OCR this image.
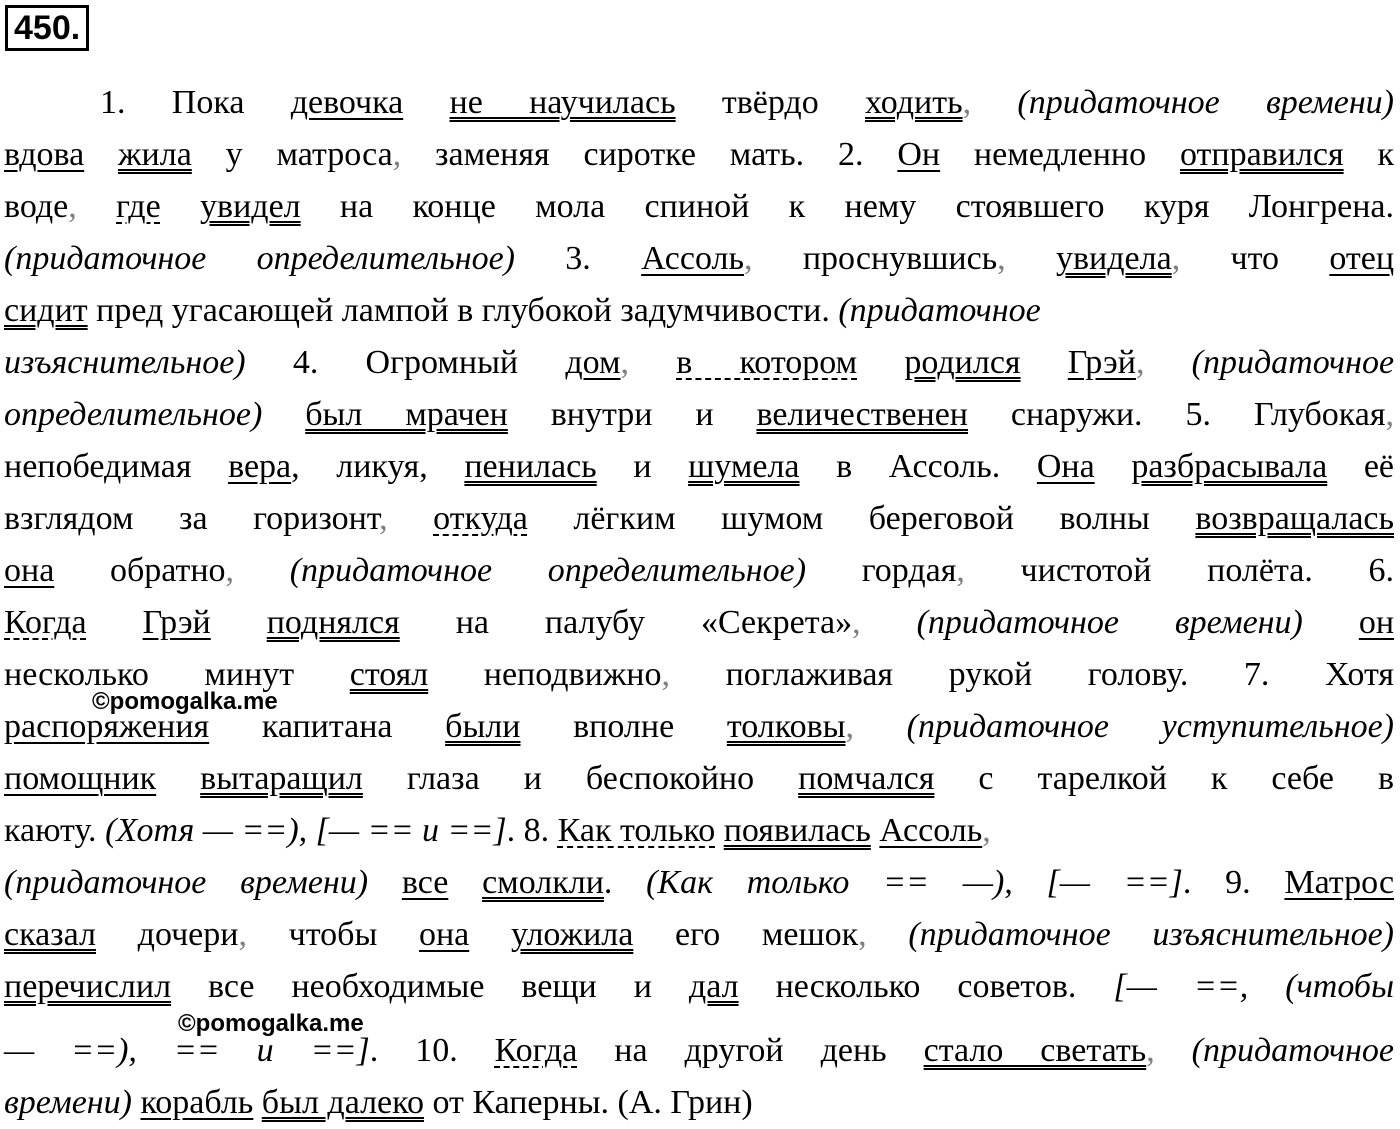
450.
1. Пока девочка не научилась твёрдо ходить, (придаточное времени)
вдова жила у матроса, заменяя сиротке мать. 2. Он немедленно отправился к
воде, где увидел на конце мола спиной к нему стоявшего куря Лонгрена.
(придаточное определительное) 3. Ассоль, проснувшись, увидела, что отец
сидит пред угасающей лампой в глубокой задумчивости. (придаточное
изъяснительное) 4. Огромный дом, в котором родился Грэй, (придаточное
определительное) был мрачен внутри и величественен снаружи. 5. Глубокая,
непобедимая вера, ликуя, пенилась и шумела в Ассоль. Она разбрасывала её
взглядом за горизонт, откуда лёгким шумом береговой волны возвращалась
она обратно, (придаточное определительное) гордая, чистотой полёта. 6.
Когда Грэй поднялся на палубу «Секрета», (придаточное времени) он
несколько минут стоял неподвижно, поглаживая рукой голову. 7. Хотя
распоряжения капитана были вполне толковы, (придаточное уступительное)
помощник вытаращил глаза и беспокойно помчался с тарелкой к себе в
каюту. (Хотя — ==), [— == и ==]. 8. Как только появилась Ассоль,
(придаточное времени) все смолкли. (Как только == —), [— ==]. 9. Матрос
сказал дочери, чтобы она уложила его мешок, (придаточное изъяснительное)
перечислил все необходимые вещи и дал несколько советов. [— ==, (чтобы
— ==), == и ==]. 10. Когда на другой день стало светать, (придаточное
времени) корабль был далеко от Каперны. (А. Грин)
©pomogalka.me
©pomogalka.me
